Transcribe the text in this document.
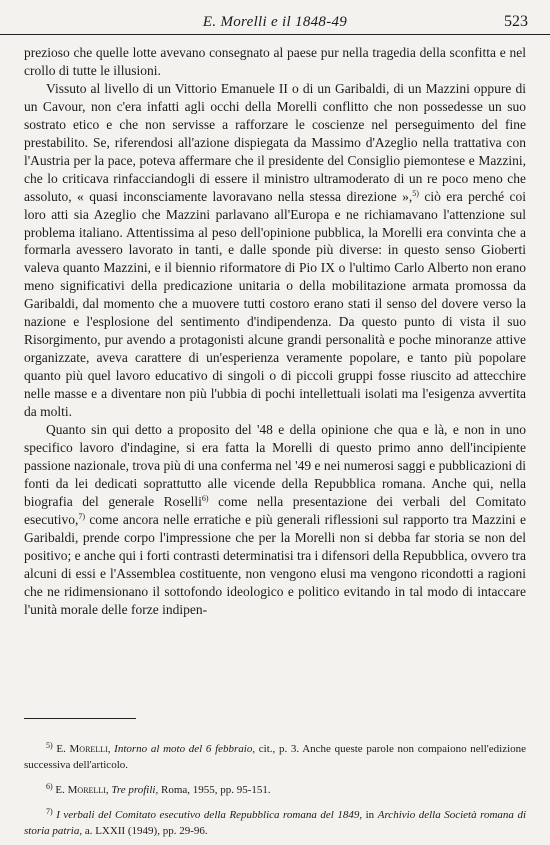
E. Morelli e il 1848-49	523

prezioso che quelle lotte avevano consegnato al paese pur nella tragedia della sconfitta e nel crollo di tutte le illusioni.

Vissuto al livello di un Vittorio Emanuele II o di un Garibaldi, di un Mazzini oppure di un Cavour, non c'era infatti agli occhi della Morelli conflitto che non possedesse un suo sostrato etico e che non servisse a rafforzare le coscienze nel perseguimento del fine prestabilito. Se, riferendosi all'azione dispiegata da Massimo d'Azeglio nella trattativa con l'Austria per la pace, poteva affermare che il presidente del Consiglio piemontese e Mazzini, che lo criticava rinfacciandogli di essere il ministro ultramoderato di un re poco meno che assoluto, « quasi inconsciamente lavoravano nella stessa direzione »,$^{5)}$ ciò era perché coi loro atti sia Azeglio che Mazzini parlavano all'Europa e ne richiamavano l'attenzione sul problema italiano. Attentissima al peso dell'opinione pubblica, la Morelli era convinta che a formarla avessero lavorato in tanti, e dalle sponde più diverse: in questo senso Gioberti valeva quanto Mazzini, e il biennio riformatore di Pio IX o l'ultimo Carlo Alberto non erano meno significativi della predicazione unitaria o della mobilitazione armata promossa da Garibaldi, dal momento che a muovere tutti costoro erano stati il senso del dovere verso la nazione e l'esplosione del sentimento d'indipendenza. Da questo punto di vista il suo Risorgimento, pur avendo a protagonisti alcune grandi personalità e poche minoranze attive organizzate, aveva carattere di un'esperienza veramente popolare, e tanto più popolare quanto più quel lavoro educativo di singoli o di piccoli gruppi fosse riuscito ad attecchire nelle masse e a diventare non più l'ubbia di pochi intellettuali isolati ma l'esigenza avvertita da molti.

Quanto sin qui detto a proposito del '48 e della opinione che qua e là, e non in uno specifico lavoro d'indagine, si era fatta la Morelli di questo primo anno dell'incipiente passione nazionale, trova più di una conferma nel '49 e nei numerosi saggi e pubblicazioni di fonti da lei dedicati soprattutto alle vicende della Repubblica romana. Anche qui, nella biografia del generale Roselli$^{6)}$ come nella presentazione dei verbali del Comitato esecutivo,$^{7)}$ come ancora nelle erratiche e più generali riflessioni sul rapporto tra Mazzini e Garibaldi, prende corpo l'impressione che per la Morelli non si debba far storia se non del positivo; e anche qui i forti contrasti determinatisi tra i difensori della Repubblica, ovvero tra alcuni di essi e l'Assemblea costituente, non vengono elusi ma vengono ricondotti a ragioni che ne ridimensionano il sottofondo ideologico e politico evitando in tal modo di intaccare l'unità morale delle forze indipen-

$^{5)}$ E. Morelli, Intorno al moto del 6 febbraio, cit., p. 3. Anche queste parole non compaiono nell'edizione successiva dell'articolo.

$^{6)}$ E. Morelli, Tre profili, Roma, 1955, pp. 95-151.

$^{7)}$ I verbali del Comitato esecutivo della Repubblica romana del 1849, in Archivio della Società romana di storia patria, a. LXXII (1949), pp. 29-96.
